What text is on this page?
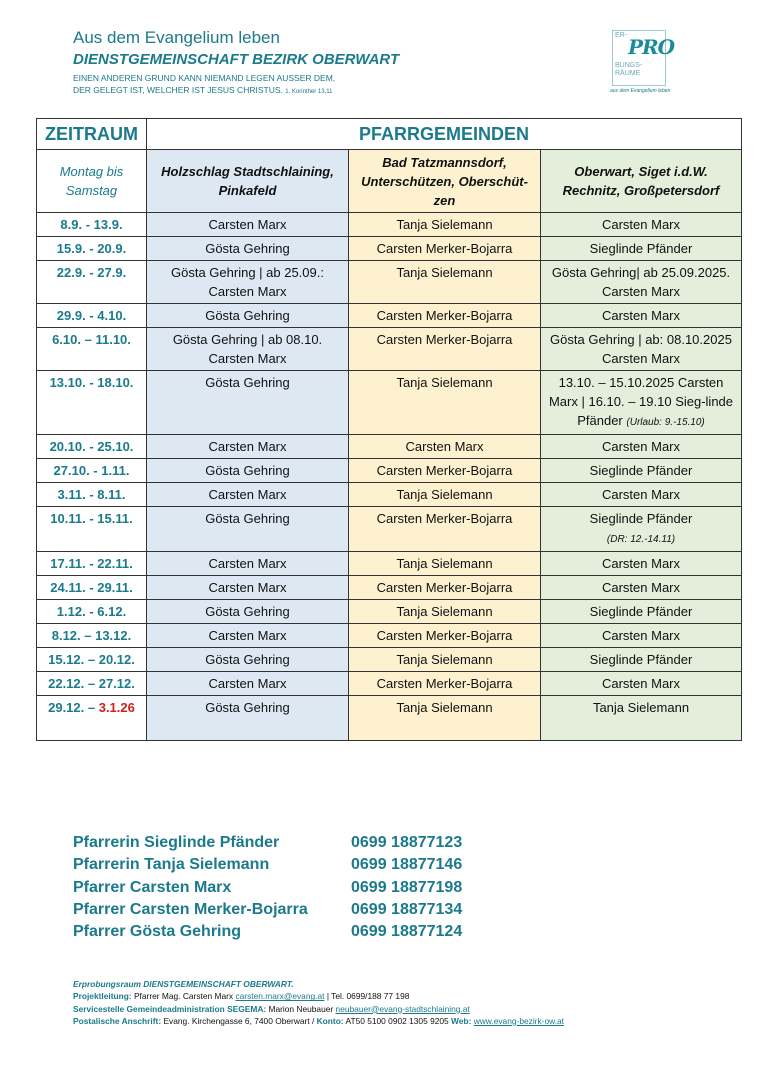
Aus dem Evangelium leben
DIENSTGEMEINSCHAFT BEZIRK OBERWART
EINEN ANDEREN GRUND KANN NIEMAND LEGEN AUSSER DEM,
DER GELEGT IST, WELCHER IST JESUS CHRISTUS. 1. Korinther 13,11
ER- PRO
BUNGS-
RÄUME
aus dem Evangelium leben
ZEITRAUM	PFARRGEMEINDEN		
Montag bis Samstag	Holzschlag Stadtschlaining, Pinkafeld	Bad Tatzmannsdorf, Unterschützen, Oberschüt-zen	Oberwart, Siget i.d.W. Rechnitz, Großpetersdorf
8.9. - 13.9.	Carsten Marx	Tanja Sielemann	Carsten Marx
15.9. - 20.9.	Gösta Gehring	Carsten Merker-Bojarra	Sieglinde Pfänder
22.9. - 27.9.	Gösta Gehring | ab 25.09.: Carsten Marx	Tanja Sielemann	Gösta Gehring| ab 25.09.2025. Carsten Marx
29.9. - 4.10.	Gösta Gehring	Carsten Merker-Bojarra	Carsten Marx
6.10. – 11.10.	Gösta Gehring | ab 08.10. Carsten Marx	Carsten Merker-Bojarra	Gösta Gehring | ab: 08.10.2025 Carsten Marx
13.10. - 18.10.	Gösta Gehring	Tanja Sielemann	13.10. – 15.10.2025 Carsten Marx | 16.10. – 19.10 Sieg-linde Pfänder (Urlaub: 9.-15.10)
20.10. - 25.10.	Carsten Marx	Carsten Marx	Carsten Marx
27.10. - 1.11.	Gösta Gehring	Carsten Merker-Bojarra	Sieglinde Pfänder
3.11. - 8.11.	Carsten Marx	Tanja Sielemann	Carsten Marx
10.11. - 15.11.	Gösta Gehring	Carsten Merker-Bojarra	Sieglinde Pfänder
(DR: 12.-14.11)
17.11. - 22.11.	Carsten Marx	Tanja Sielemann	Carsten Marx
24.11. - 29.11.	Carsten Marx	Carsten Merker-Bojarra	Carsten Marx
1.12. - 6.12.	Gösta Gehring	Tanja Sielemann	Sieglinde Pfänder
8.12. – 13.12.	Carsten Marx	Carsten Merker-Bojarra	Carsten Marx
15.12. – 20.12.	Gösta Gehring	Tanja Sielemann	Sieglinde Pfänder
22.12. – 27.12.	Carsten Marx	Carsten Merker-Bojarra	Carsten Marx
29.12. – 3.1.26	Gösta Gehring	Tanja Sielemann	Tanja Sielemann
Pfarrerin Sieglinde Pfänder	0699 18877123
Pfarrerin Tanja Sielemann	0699 18877146
Pfarrer Carsten Marx	0699 18877198
Pfarrer Carsten Merker-Bojarra	0699 18877134
Pfarrer Gösta Gehring	0699 18877124
Erprobungsraum DIENSTGEMEINSCHAFT OBERWART.
Projektleitung: Pfarrer Mag. Carsten Marx carsten.marx@evang.at | Tel. 0699/188 77 198
Servicestelle Gemeindeadministration SEGEMA: Marion Neubauer neubauer@evang-stadtschlaining.at
Postalische Anschrift: Evang. Kirchengasse 6, 7400 Oberwart / Konto: AT50 5100 0902 1305 9205 Web: www.evang-bezirk-ow.at
